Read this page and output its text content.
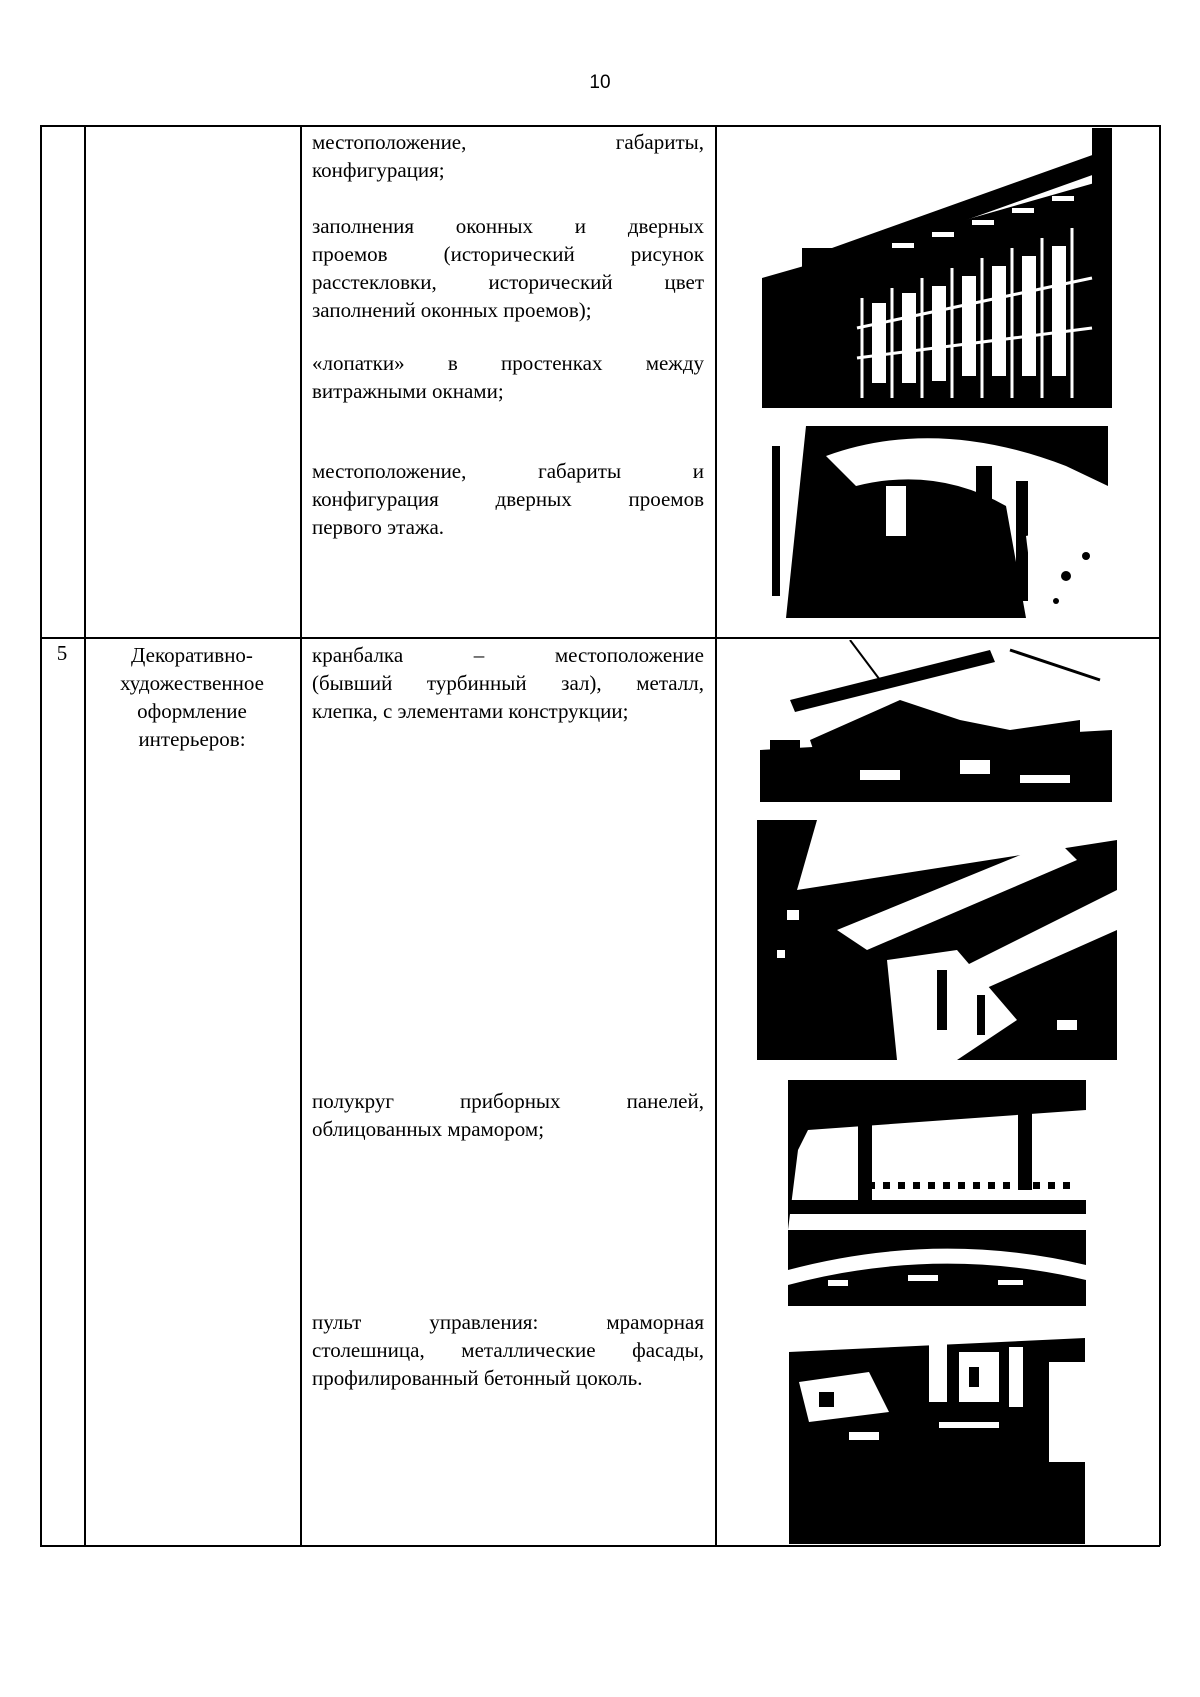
10
местоположение, габариты,
конфигурация;
заполнения оконных и дверных
проемов (исторический рисунок
расстекловки, исторический цвет
заполнений оконных проемов);
«лопатки» в простенках между
витражными окнами;
местоположение, габариты и
конфигурация дверных проемов
первого этажа.
5	Декоративно-
художественное
оформление
интерьеров:
кранбалка – местоположение
(бывший турбинный зал), металл,
клепка, с элементами конструкции;
полукруг приборных панелей,
облицованных мрамором;
пульт управления: мраморная
столешница, металлические фасады,
профилированный бетонный цоколь.
